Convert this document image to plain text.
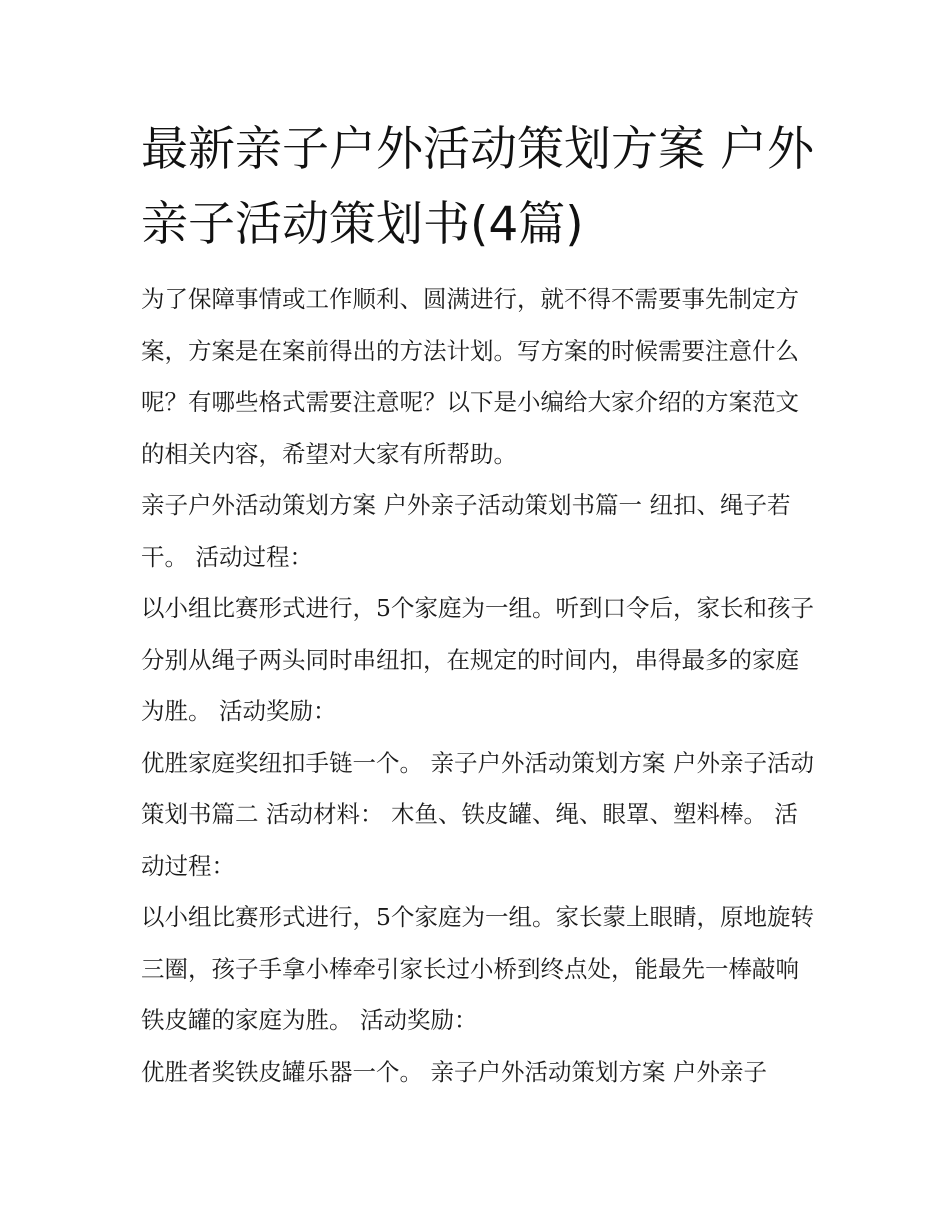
最新亲子户外活动策划方案 户外亲子活动策划书(4篇)

为了保障事情或工作顺利、圆满进行，就不得不需要事先制定方案，方案是在案前得出的方法计划。写方案的时候需要注意什么呢？有哪些格式需要注意呢？以下是小编给大家介绍的方案范文的相关内容，希望对大家有所帮助。

亲子户外活动策划方案 户外亲子活动策划书篇一 纽扣、绳子若干。 活动过程：

以小组比赛形式进行，5个家庭为一组。听到口令后，家长和孩子分别从绳子两头同时串纽扣，在规定的时间内，串得最多的家庭为胜。 活动奖励：

优胜家庭奖纽扣手链一个。 亲子户外活动策划方案 户外亲子活动策划书篇二 活动材料： 木鱼、铁皮罐、绳、眼罩、塑料棒。 活动过程：

以小组比赛形式进行，5个家庭为一组。家长蒙上眼睛，原地旋转三圈，孩子手拿小棒牵引家长过小桥到终点处，能最先一棒敲响铁皮罐的家庭为胜。 活动奖励：

优胜者奖铁皮罐乐器一个。 亲子户外活动策划方案 户外亲子
